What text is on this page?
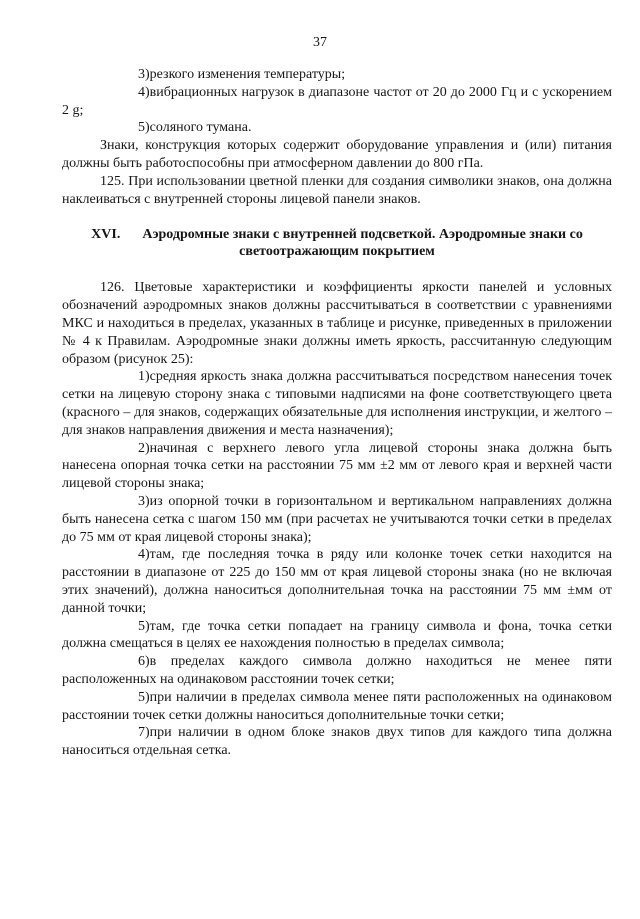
37

3)резкого изменения температуры;

4)вибрационных нагрузок в диапазоне частот от 20 до 2000 Гц и с ускорением 2 g;

5)соляного тумана.

Знаки, конструкция которых содержит оборудование управления и (или) питания должны быть работоспособны при атмосферном давлении до 800 гПа.

125. При использовании цветной пленки для создания символики знаков, она должна наклеиваться с внутренней стороны лицевой панели знаков.

XVI. Аэродромные знаки с внутренней подсветкой. Аэродромные знаки со светоотражающим покрытием

126. Цветовые характеристики и коэффициенты яркости панелей и условных обозначений аэродромных знаков должны рассчитываться в соответствии с уравнениями МКС и находиться в пределах, указанных в таблице и рисунке, приведенных в приложении № 4 к Правилам. Аэродромные знаки должны иметь яркость, рассчитанную следующим образом (рисунок 25):

1)средняя яркость знака должна рассчитываться посредством нанесения точек сетки на лицевую сторону знака с типовыми надписями на фоне соответствующего цвета (красного – для знаков, содержащих обязательные для исполнения инструкции, и желтого – для знаков направления движения и места назначения);

2)начиная с верхнего левого угла лицевой стороны знака должна быть нанесена опорная точка сетки на расстоянии 75 мм ±2 мм от левого края и верхней части лицевой стороны знака;

3)из опорной точки в горизонтальном и вертикальном направлениях должна быть нанесена сетка с шагом 150 мм (при расчетах не учитываются точки сетки в пределах до 75 мм от края лицевой стороны знака);

4)там, где последняя точка в ряду или колонке точек сетки находится на расстоянии в диапазоне от 225 до 150 мм от края лицевой стороны знака (но не включая этих значений), должна наноситься дополнительная точка на расстоянии 75 мм ±мм от данной точки;

5)там, где точка сетки попадает на границу символа и фона, точка сетки должна смещаться в целях ее нахождения полностью в пределах символа;

6)в пределах каждого символа должно находиться не менее пяти расположенных на одинаковом расстоянии точек сетки;

5)при наличии в пределах символа менее пяти расположенных на одинаковом расстоянии точек сетки должны наноситься дополнительные точки сетки;

7)при наличии в одном блоке знаков двух типов для каждого типа должна наноситься отдельная сетка.
